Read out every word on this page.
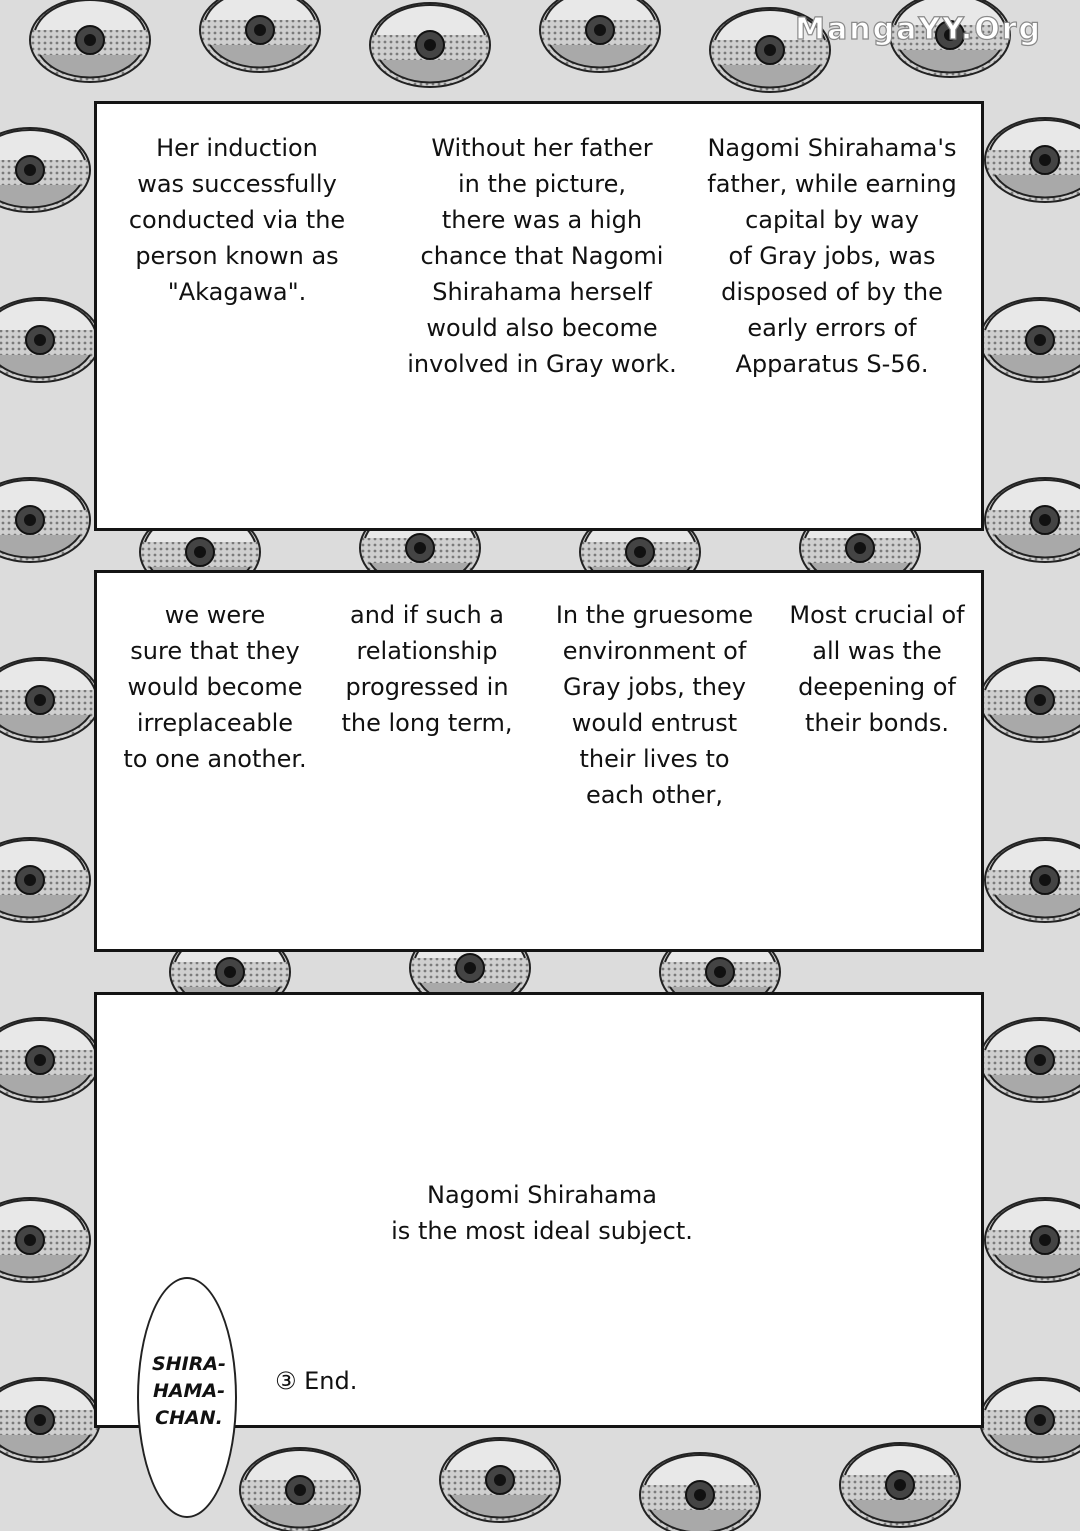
MangaYY.Org
Her induction
was successfully
conducted via the
person known as
"Akagawa".
Without her father
in the picture,
there was a high
chance that Nagomi
Shirahama herself
would also become
involved in Gray work.
Nagomi Shirahama's
father, while earning
capital by way
of Gray jobs, was
disposed of by the
early errors of
Apparatus S-56.
we were
sure that they
would become
irreplaceable
to one another.
and if such a
relationship
progressed in
the long term,
In the gruesome
environment of
Gray jobs, they
would entrust
their lives to
each other,
Most crucial of
all was the
deepening of
their bonds.
Nagomi Shirahama
is the most ideal subject.
③ End.
SHIRA-
HAMA-
CHAN.
